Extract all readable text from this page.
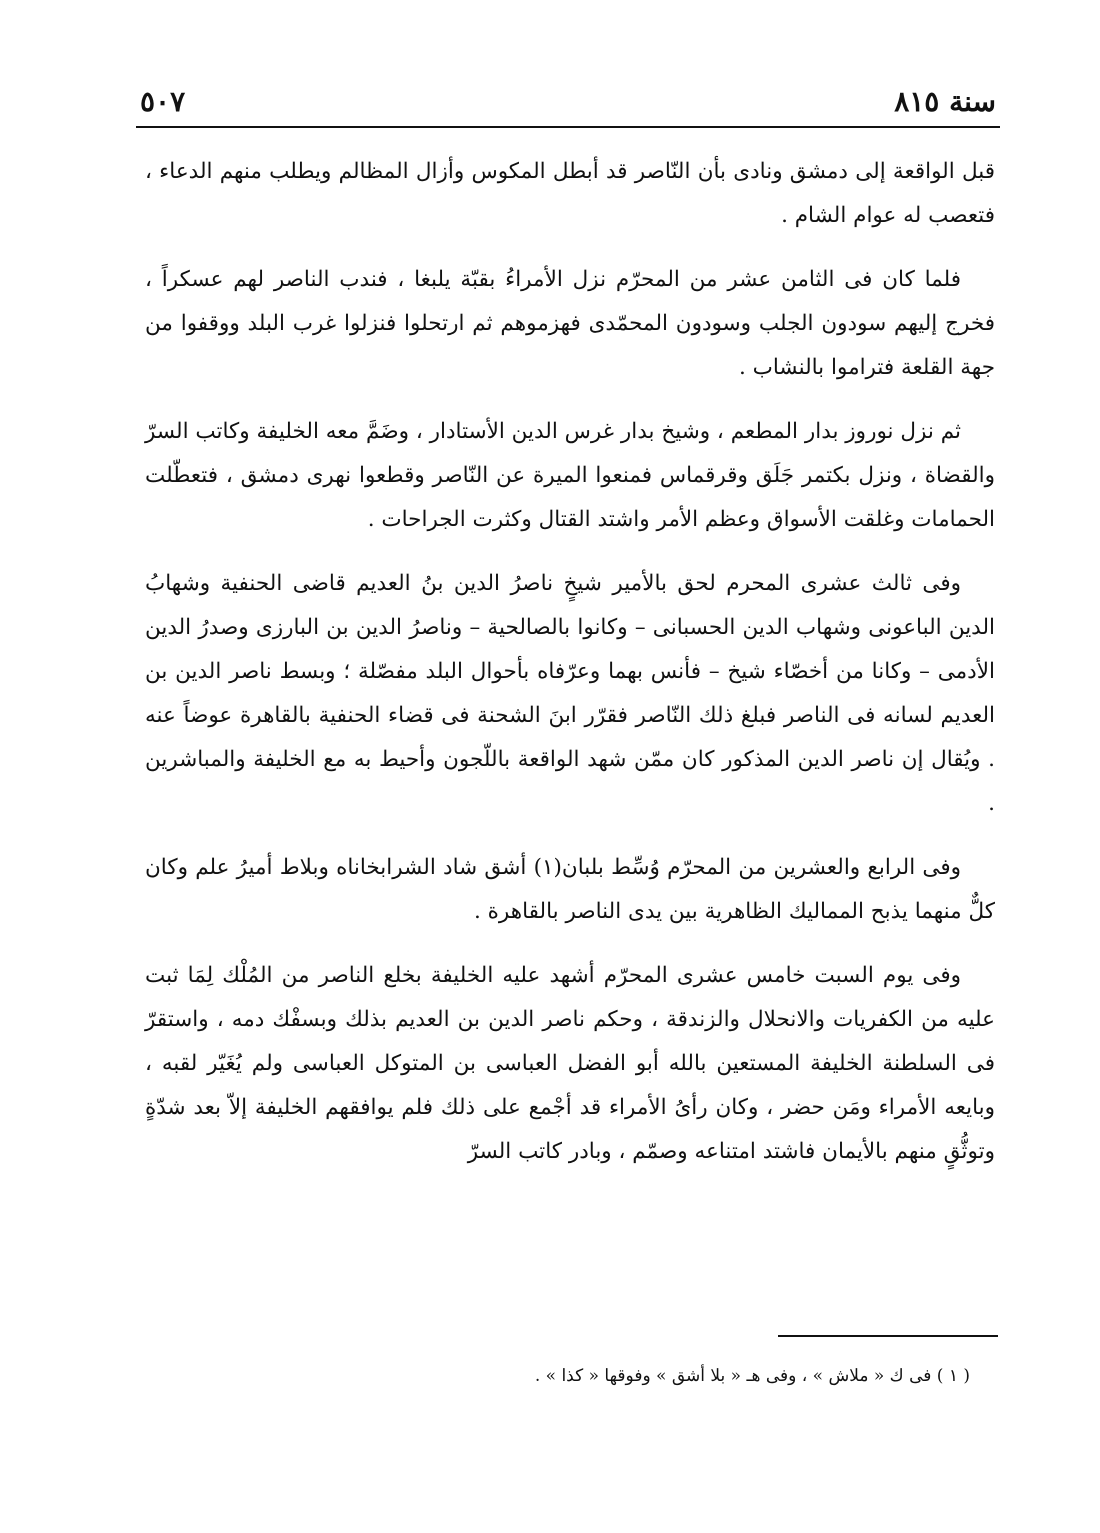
سنة ٨١٥
٥٠٧

قبل الواقعة إلى دمشق ونادى بأن النّاصر قد أبطل المكوس وأزال المظالم ويطلب منهم الدعاء ، فتعصب له عوام الشام .

فلما كان فى الثامن عشر من المحرّم نزل الأمراءُ بقبّة يلبغا ، فندب الناصر لهم عسكراً ، فخرج إليهم سودون الجلب وسودون المحمّدى فهزموهم ثم ارتحلوا فنزلوا غرب البلد ووقفوا من جهة القلعة فتراموا بالنشاب .

ثم نزل نوروز بدار المطعم ، وشيخ بدار غرس الدين الأستادار ، وضَمَّ معه الخليفة وكاتب السرّ والقضاة ، ونزل بكتمر جَلَق وقرقماس فمنعوا الميرة عن النّاصر وقطعوا نهرى دمشق ، فتعطّلت الحمامات وغلقت الأسواق وعظم الأمر واشتد القتال وكثرت الجراحات .

وفى ثالث عشرى المحرم لحق بالأمير شيخٍ ناصرُ الدين بنُ العديم قاضى الحنفية وشهابُ الدين الباعونى وشهاب الدين الحسبانى – وكانوا بالصالحية – وناصرُ الدين بن البارزى وصدرُ الدين الأدمى – وكانا من أخصّاء شيخ – فأنس بهما وعرّفاه بأحوال البلد مفصّلة ؛ وبسط ناصر الدين بن العديم لسانه فى الناصر فبلغ ذلك النّاصر فقرّر ابنَ الشحنة فى قضاء الحنفية بالقاهرة عوضاً عنه . ويُقال إن ناصر الدين المذكور كان ممّن شهد الواقعة باللّجون وأحيط به مع الخليفة والمباشرين .

وفى الرابع والعشرين من المحرّم وُسِّط بلبان(١) أشق شاد الشرابخاناه وبلاط أميرُ علم وكان كلٌّ منهما يذبح المماليك الظاهرية بين يدى الناصر بالقاهرة .

وفى يوم السبت خامس عشرى المحرّم أشهد عليه الخليفة بخلع الناصر من المُلْك لِمَا ثبت عليه من الكفريات والانحلال والزندقة ، وحكم ناصر الدين بن العديم بذلك وبسفْك دمه ، واستقرّ فى السلطنة الخليفة المستعين بالله أبو الفضل العباسى بن المتوكل العباسى ولم يُغَيّر لقبه ، وبايعه الأمراء ومَن حضر ، وكان رأىُ الأمراء قد أجْمع على ذلك فلم يوافقهم الخليفة إلاّ بعد شدّةٍ وتوثُّقٍ منهم بالأيمان فاشتد امتناعه وصمّم ، وبادر كاتب السرّ

( ١ ) فى ك « ملاش » ، وفى هـ « بلا أشق » وفوقها « كذا » .
